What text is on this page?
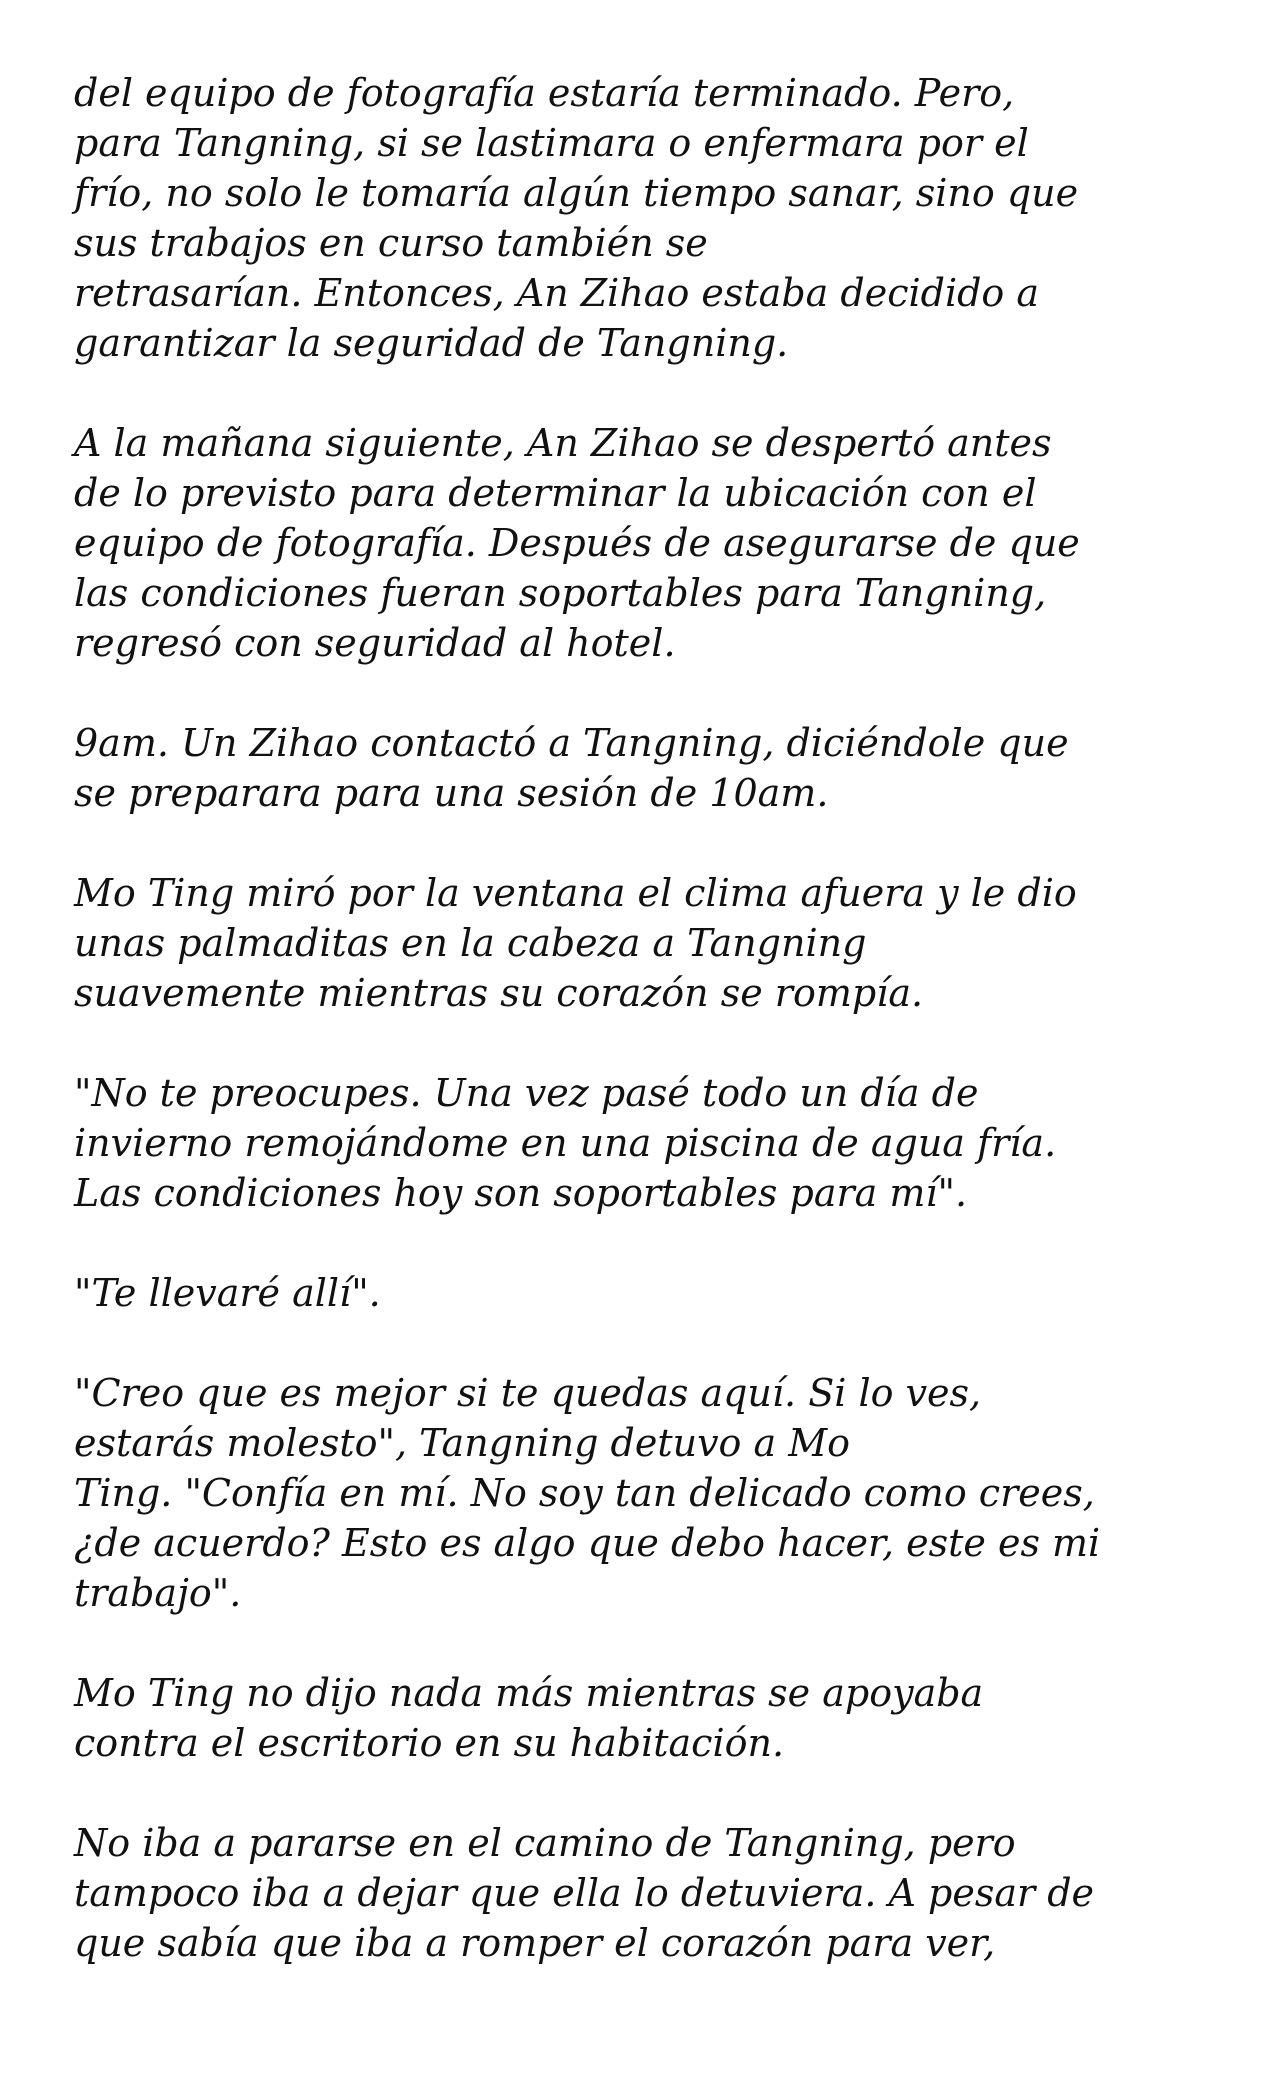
del equipo de fotografía estaría terminado. Pero,
para Tangning, si se lastimara o enfermara por el
frío, no solo le tomaría algún tiempo sanar, sino que
sus trabajos en curso también se
retrasarían. Entonces, An Zihao estaba decidido a
garantizar la seguridad de Tangning.
A la mañana siguiente, An Zihao se despertó antes
de lo previsto para determinar la ubicación con el
equipo de fotografía. Después de asegurarse de que
las condiciones fueran soportables para Tangning,
regresó con seguridad al hotel.
9am. Un Zihao contactó a Tangning, diciéndole que
se preparara para una sesión de 10am.
Mo Ting miró por la ventana el clima afuera y le dio
unas palmaditas en la cabeza a Tangning
suavemente mientras su corazón se rompía.
"No te preocupes. Una vez pasé todo un día de
invierno remojándome en una piscina de agua fría.
Las condiciones hoy son soportables para mí".
"Te llevaré allí".
"Creo que es mejor si te quedas aquí. Si lo ves,
estarás molesto", Tangning detuvo a Mo
Ting. "Confía en mí. No soy tan delicado como crees,
¿de acuerdo? Esto es algo que debo hacer, este es mi
trabajo".
Mo Ting no dijo nada más mientras se apoyaba
contra el escritorio en su habitación.
No iba a pararse en el camino de Tangning, pero
tampoco iba a dejar que ella lo detuviera. A pesar de
que sabía que iba a romper el corazón para ver,
